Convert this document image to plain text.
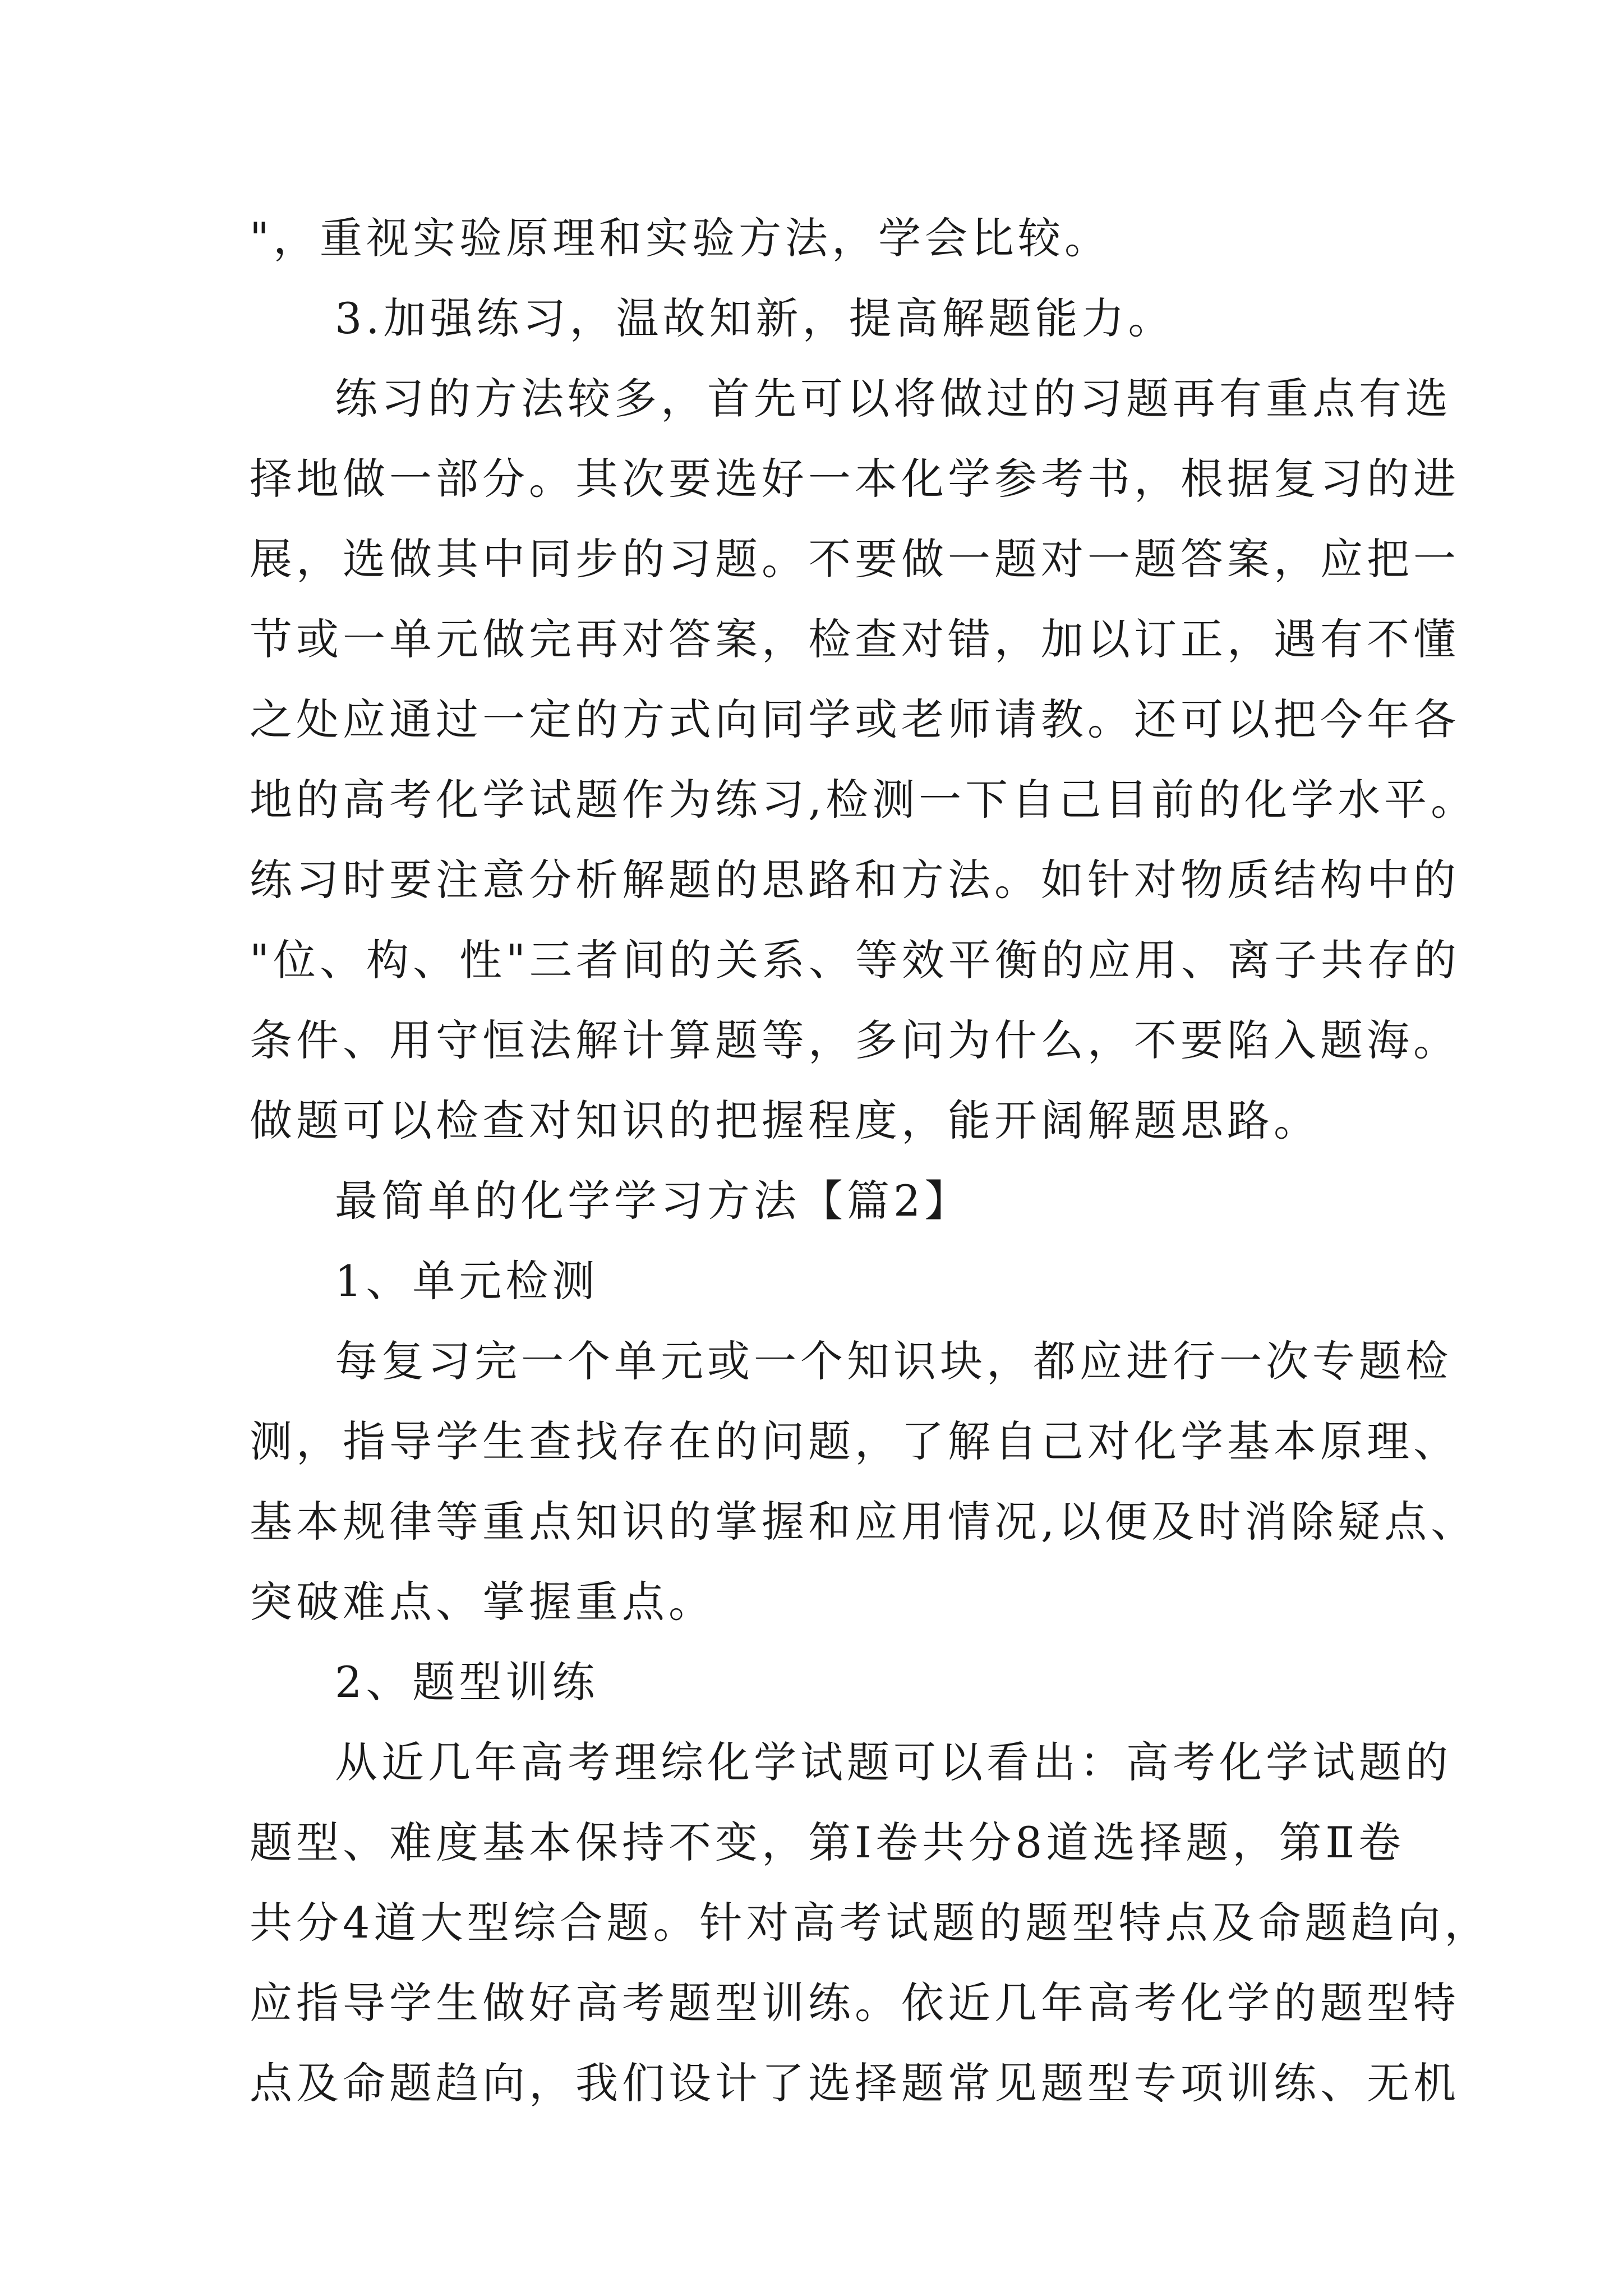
"，重视实验原理和实验方法，学会比较。
3.加强练习，温故知新，提高解题能力。
练习的方法较多，首先可以将做过的习题再有重点有选
择地做一部分。其次要选好一本化学参考书，根据复习的进
展，选做其中同步的习题。不要做一题对一题答案，应把一
节或一单元做完再对答案，检查对错，加以订正，遇有不懂
之处应通过一定的方式向同学或老师请教。还可以把今年各
地的高考化学试题作为练习,检测一下自己目前的化学水平。
练习时要注意分析解题的思路和方法。如针对物质结构中的
"位、构、性"三者间的关系、等效平衡的应用、离子共存的
条件、用守恒法解计算题等，多问为什么，不要陷入题海。
做题可以检查对知识的把握程度，能开阔解题思路。
最简单的化学学习方法【篇2】
1、单元检测
每复习完一个单元或一个知识块，都应进行一次专题检
测，指导学生查找存在的问题，了解自己对化学基本原理、
基本规律等重点知识的掌握和应用情况,以便及时消除疑点、
突破难点、掌握重点。
2、题型训练
从近几年高考理综化学试题可以看出：高考化学试题的
题型、难度基本保持不变，第Ⅰ卷共分8道选择题，第Ⅱ卷
共分4道大型综合题。针对高考试题的题型特点及命题趋向，
应指导学生做好高考题型训练。依近几年高考化学的题型特
点及命题趋向，我们设计了选择题常见题型专项训练、无机
